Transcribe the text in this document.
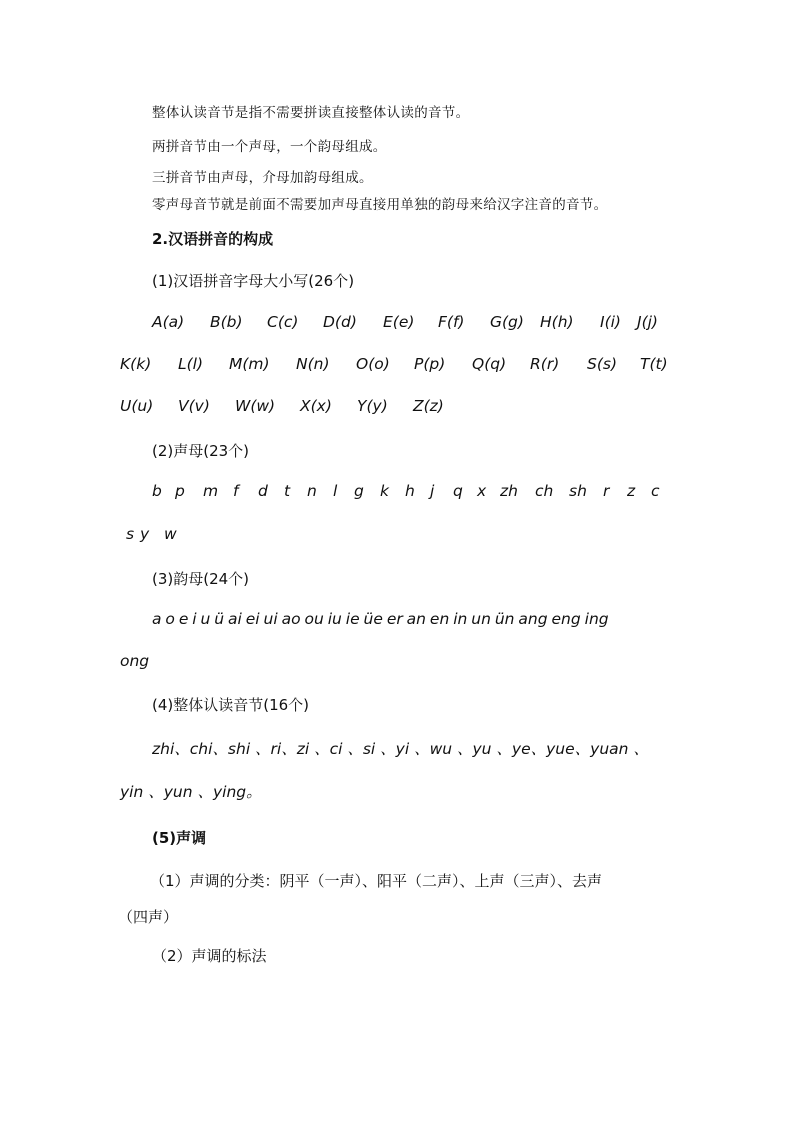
整体认读音节是指不需要拼读直接整体认读的音节。
两拼音节由一个声母，一个韵母组成。
三拼音节由声母，介母加韵母组成。
零声母音节就是前面不需要加声母直接用单独的韵母来给汉字注音的音节。
2.汉语拼音的构成
(1)汉语拼音字母大小写(26个)
A(a) B(b) C(c) D(d) E(e) F(f) G(g) H(h) I(i) J(j)
K(k) L(l) M(m) N(n) O(o) P(p) Q(q) R(r) S(s) T(t)
U(u) V(v) W(w) X(x) Y(y) Z(z)
(2)声母(23个)
b p m f d t n l g k h j q x zh ch sh r z c
s y w
(3)韵母(24个)
a o e i u ü ai ei ui ao ou iu ie üe er an en in un ün ang eng ing
ong
(4)整体认读音节(16个)
zhi、chi、shi 、ri、zi 、ci 、si 、yi 、wu 、yu 、ye、yue、yuan 、
yin 、yun 、ying。
(5)声调
（1）声调的分类：阴平（一声）、阳平（二声）、上声（三声）、去声
（四声）
（2）声调的标法
